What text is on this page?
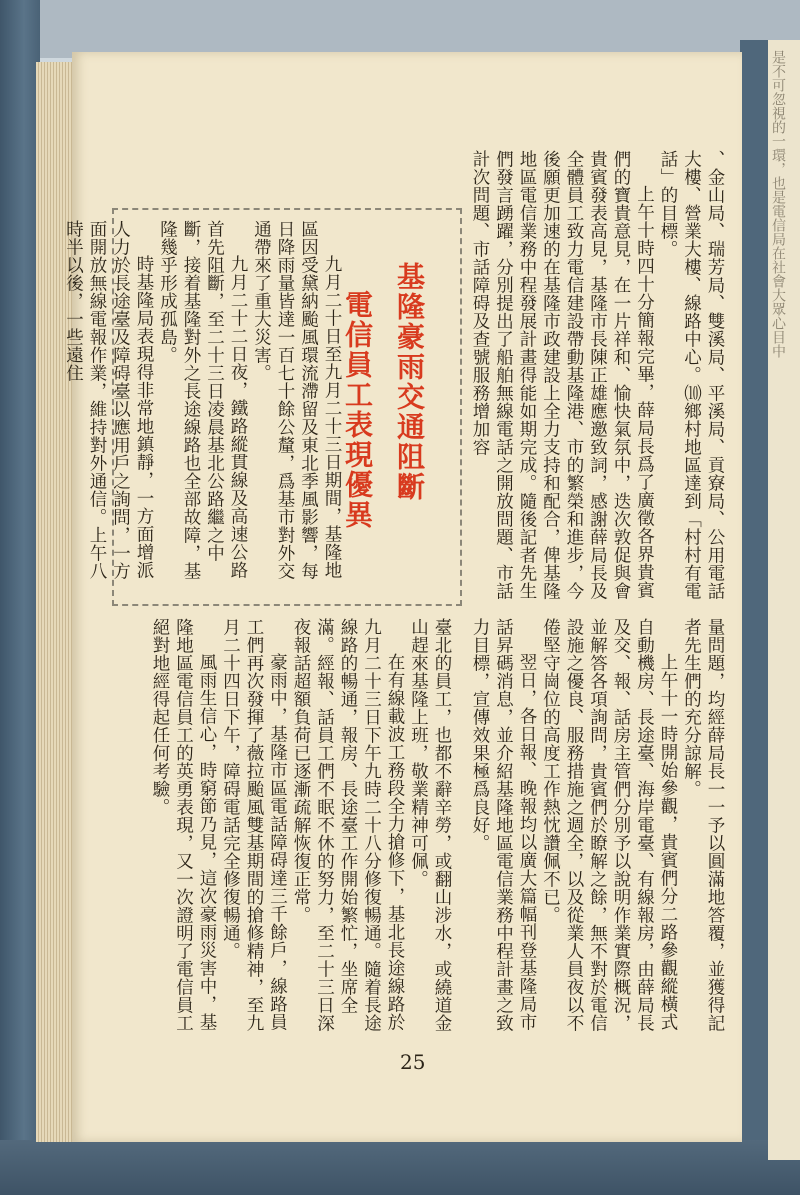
是不可忽視的一環，也是電信局在社會大眾心目中

、金山局、瑞芳局、雙溪局、平溪局、貢寮局、公用電話大樓、營業大樓、線路中心。⑽鄉村地區達到「村村有電話」的目標。

上午十時四十分簡報完畢，薛局長爲了廣徵各界貴賓們的寶貴意見，在一片祥和、愉快氣氛中，迭次敦促與會貴賓發表高見，基隆市長陳正雄應邀致詞，感謝薛局長及全體員工致力電信建設帶動基隆港、市的繁榮和進步，今後願更加速的在基隆市政建設上全力支持和配合，俾基隆地區電信業務中程發展計畫得能如期完成。隨後記者先生們發言踴躍，分別提出了船舶無線電話之開放問題、市話計次問題、市話障碍及查號服務增加容

基隆豪雨交通阻斷
電信員工表現優異

九月二十日至九月二十三日期間，基隆地區因受黛納颱風環流滯留及東北季風影響，每日降雨量皆達一百七十餘公釐，爲基市對外交通帶來了重大災害。

九月二十二日夜，鐵路縱貫線及高速公路首先阻斷，至二十三日凌晨基北公路繼之中斷，接着基隆對外之長途線路也全部故障，基隆幾乎形成孤島。

時基隆局表現得非常地鎮靜，一方面增派人力於長途臺及障碍臺以應用戶之詢問，一方面開放無線電報作業，維持對外通信。上午八時半以後，一些遠住

量問題，均經薛局長一一予以圓滿地答覆，並獲得記者先生們的充分諒解。

上午十一時開始參觀，貴賓們分二路參觀縱橫式自動機房、長途臺、海岸電臺、有線報房，由薛局長及交、報、話房主管們分別予以說明作業實際概況，並解答各項詢問，貴賓們於瞭解之餘，無不對於電信設施之優良、服務措施之週全，以及從業人員夜以不倦堅守崗位的高度工作熱忱讚佩不已。

翌日，各日報、晚報均以廣大篇幅刊登基隆局市話昇碼消息，並介紹基隆地區電信業務中程計畫之致力目標，宣傳效果極爲良好。

臺北的員工，也都不辭辛勞，或翻山涉水，或繞道金山趕來基隆上班，敬業精神可佩。

在有線載波工務段全力搶修下，基北長途線路於九月二十三日下午九時二十八分修復暢通。隨着長途線路的暢通，報房、長途臺工作開始繁忙，坐席全滿。經報、話員工們不眠不休的努力，至二十三日深夜報話超額負荷已逐漸疏解恢復正常。

豪雨中，基隆市區電話障碍達三千餘戶，線路員工們再次發揮了薇拉颱風雙基期間的搶修精神，至九月二十四日下午，障碍電話完全修復暢通。

風雨生信心，時窮節乃見，這次豪雨災害中，基隆地區電信員工的英勇表現，又一次證明了電信員工絕對地經得起任何考驗。

25
